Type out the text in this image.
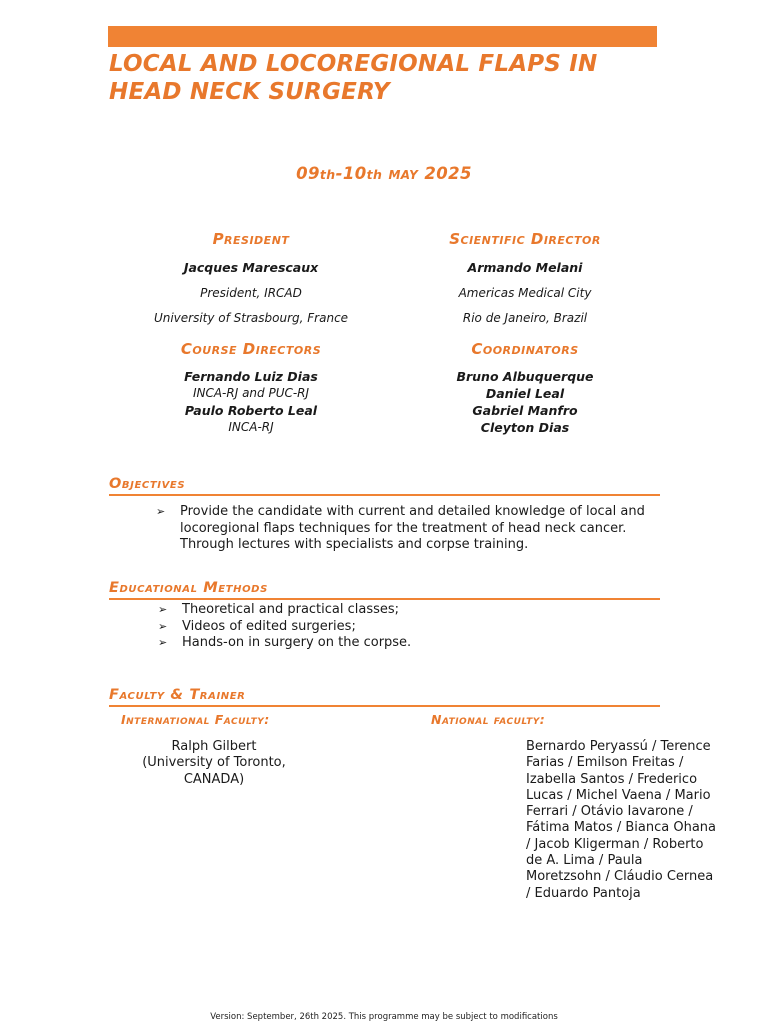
LOCAL AND LOCOREGIONAL FLAPS IN
HEAD NECK SURGERY
09th-10th may 2025
President
Jacques Marescaux
President, IRCAD
University of Strasbourg, France
Scientific Director
Armando Melani
Americas Medical City
Rio de Janeiro, Brazil
Course Directors
Fernando Luiz Dias
INCA-RJ and PUC-RJ
Paulo Roberto Leal
INCA-RJ
Coordinators
Bruno Albuquerque
Daniel Leal
Gabriel Manfro
Cleyton Dias
Objectives
➢ Provide the candidate with current and detailed knowledge of local and locoregional flaps techniques for the treatment of head neck cancer. Through lectures with specialists and corpse training.
Educational Methods
➢ Theoretical and practical classes;
➢ Videos of edited surgeries;
➢ Hands-on in surgery on the corpse.
Faculty & Trainer
International Faculty:	National faculty:
Ralph Gilbert
(University of Toronto,
CANADA)
Bernardo Peryassú / Terence Farias / Emilson Freitas / Izabella Santos / Frederico Lucas / Michel Vaena / Mario Ferrari / Otávio Iavarone / Fátima Matos / Bianca Ohana / Jacob Kligerman / Roberto de A. Lima / Paula Moretzsohn / Cláudio Cernea / Eduardo Pantoja
Version: September, 26th 2025. This programme may be subject to modifications
